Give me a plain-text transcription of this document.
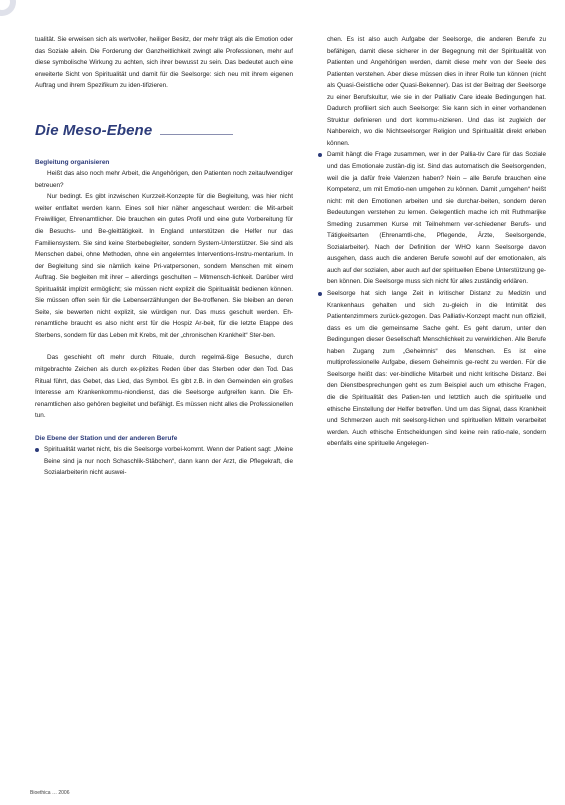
tualität. Sie erweisen sich als wertvoller, heiliger Besitz, der mehr trägt als die Emotion oder das Soziale allein. Die Forderung der Ganzheitlichkeit zwingt alle Professionen, mehr auf diese symbolische Wirkung zu achten, sich ihrer bewusst zu sein. Das bedeutet auch eine erweiterte Sicht von Spiritualität und damit für die Seelsorge: sich neu mit ihrem eigenen Auftrag und ihrem Spezifikum zu iden-tifizieren.

Die Meso-Ebene

Begleitung organisieren

Heißt das also noch mehr Arbeit, die Angehörigen, den Patienten noch zeitaufwendiger betreuen?

Nur bedingt. Es gibt inzwischen Kurzzeit-Konzepte für die Begleitung, was hier nicht weiter entfaltet werden kann. Eines soll hier näher angeschaut werden: die Mit-arbeit Freiwilliger, Ehrenamtlicher. Die brauchen ein gutes Profil und eine gute Vorbereitung für die Besuchs- und Be-gleittätigkeit. In England unterstützen die Helfer nur das Familiensystem. Sie sind keine Sterbebegleiter, sondern System-Unterstützer. Sie sind als Menschen dabei, ohne Methoden, ohne ein angelerntes Interventions-Instru-mentarium. In der Begleitung sind sie nämlich keine Pri-vatpersonen, sondern Menschen mit einem Auftrag. Sie begleiten mit ihrer – allerdings geschulten – Mitmensch-lichkeit. Darüber wird Spiritualität implizit ermöglicht; sie müssen nicht explizit die Spiritualität bedienen können. Sie müssen offen sein für die Lebenserzählungen der Be-troffenen. Sie bleiben an deren Seite, sie bewerten nicht explizit, sie würdigen nur. Das muss geschult werden. Eh-renamtliche braucht es also nicht erst für die Hospiz Ar-beit, für die letzte Etappe des Sterbens, sondern für das Leben mit Krebs, mit der „chronischen Krankheit“ Ster-ben.

Das geschieht oft mehr durch Rituale, durch regelmä-ßige Besuche, durch mitgebrachte Zeichen als durch ex-plizites Reden über das Sterben oder den Tod. Das Ritual führt, das Gebet, das Lied, das Symbol. Es gibt z.B. in den Gemeinden ein großes Interesse am Krankenkommu-niondienst, das die Seelsorge aufgreifen kann. Die Eh-renamtlichen also gehören begleitet und befähigt. Es müssen nicht alles die Professionellen tun.

Die Ebene der Station und der anderen Berufe

Spiritualität wartet nicht, bis die Seelsorge vorbei-kommt. Wenn der Patient sagt: „Meine Beine sind ja nur noch Schaschlik-Stäbchen“, dann kann der Arzt, die Pflegekraft, die Sozialarbeiterin nicht auswei-

chen. Es ist also auch Aufgabe der Seelsorge, die anderen Berufe zu befähigen, damit diese sicherer in der Begegnung mit der Spiritualität von Patienten und Angehörigen werden, damit diese mehr von der Seele des Patienten verstehen. Aber diese müssen dies in ihrer Rolle tun können (nicht als Quasi-Geistliche oder Quasi-Bekenner). Das ist der Beitrag der Seelsorge zu einer Berufskultur, wie sie in der Palliativ Care ideale Bedingungen hat. Dadurch profiliert sich auch Seelsorge: Sie kann sich in einer vorhandenen Struktur definieren und dort kommu-nizieren. Und das ist zugleich der Nahbereich, wo die Nichtseelsorger Religion und Spiritualität direkt erleben können.

Damit hängt die Frage zusammen, wer in der Pallia-tiv Care für das Soziale und das Emotionale zustän-dig ist. Sind das automatisch die Seelsorgenden, weil die ja dafür freie Valenzen haben? Nein – alle Berufe brauchen eine Kompetenz, um mit Emotio-nen umgehen zu können. Damit „umgehen“ heißt nicht: mit den Emotionen arbeiten und sie durchar-beiten, sondern deren Bedeutungen verstehen zu lernen. Gelegentlich mache ich mit Ruthmarijke Smeding zusammen Kurse mit Teilnehmern ver-schiedener Berufs- und Tätigkeitsarten (Ehrenamtli-che, Pflegende, Ärzte, Seelsorgende, Sozialarbeiter). Nach der Definition der WHO kann Seelsorge davon ausgehen, dass auch die anderen Berufe sowohl auf der emotionalen, als auch auf der sozialen, aber auch auf der spirituellen Ebene Unterstützung ge-ben können. Die Seelsorge muss sich nicht für alles zuständig erklären.

Seelsorge hat sich lange Zeit in kritischer Distanz zu Medizin und Krankenhaus gehalten und sich zu-gleich in die Intimität des Patientenzimmers zurück-gezogen. Das Palliativ-Konzept macht nun offiziell, dass es um die gemeinsame Sache geht. Es geht darum, unter den Bedingungen dieser Gesellschaft Menschlichkeit zu verwirklichen. Alle Berufe haben Zugang zum „Geheimnis“ des Menschen. Es ist eine multiprofessionelle Aufgabe, diesem Geheimnis ge-recht zu werden. Für die Seelsorge heißt das: ver-bindliche Mitarbeit und nicht kritische Distanz. Bei den Dienstbesprechungen geht es zum Beispiel auch um ethische Fragen, die die Spiritualität des Patien-ten und letztlich auch die spirituelle und ethische Einstellung der Helfer betreffen. Und um das Signal, dass Krankheit und Schmerzen auch mit seelsorg-lichen und spirituellen Mitteln verarbeitet werden. Auch ethische Entscheidungen sind keine rein ratio-nale, sondern ebenfalls eine spirituelle Angelegen-

Bioethica … 2006
